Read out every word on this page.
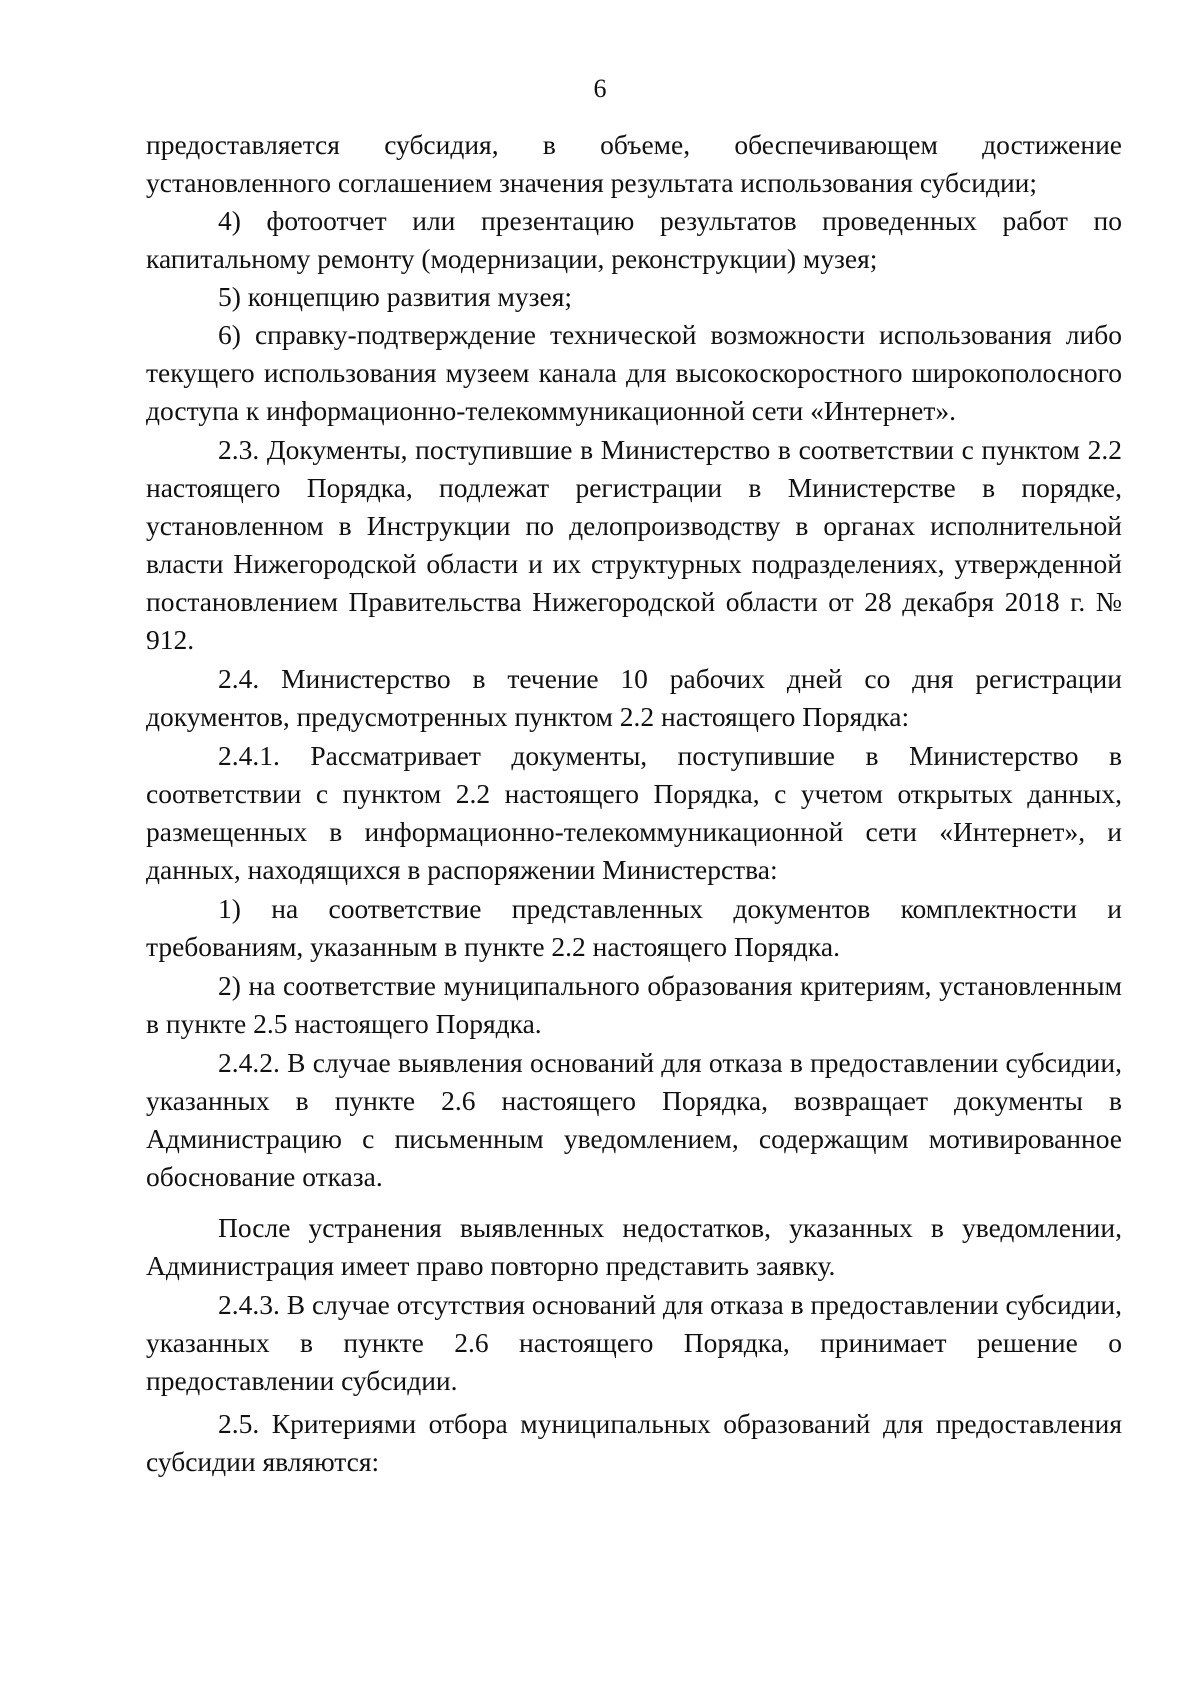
6

предоставляется субсидия, в объеме, обеспечивающем достижение установленного соглашением значения результата использования субсидии;

4) фотоотчет или презентацию результатов проведенных работ по капитальному ремонту (модернизации, реконструкции) музея;

5) концепцию развития музея;

6) справку-подтверждение технической возможности использования либо текущего использования музеем канала для высокоскоростного широкополосного доступа к информационно-телекоммуникационной сети «Интернет».

2.3. Документы, поступившие в Министерство в соответствии с пунктом 2.2 настоящего Порядка, подлежат регистрации в Министерстве в порядке, установленном в Инструкции по делопроизводству в органах исполнительной власти Нижегородской области и их структурных подразделениях, утвержденной постановлением Правительства Нижегородской области от 28 декабря 2018 г. № 912.

2.4. Министерство в течение 10 рабочих дней со дня регистрации документов, предусмотренных пунктом 2.2 настоящего Порядка:

2.4.1. Рассматривает документы, поступившие в Министерство в соответствии с пунктом 2.2 настоящего Порядка, с учетом открытых данных, размещенных в информационно-телекоммуникационной сети «Интернет», и данных, находящихся в распоряжении Министерства:

1) на соответствие представленных документов комплектности и требованиям, указанным в пункте 2.2 настоящего Порядка.

2) на соответствие муниципального образования критериям, установленным в пункте 2.5 настоящего Порядка.

2.4.2. В случае выявления оснований для отказа в предоставлении субсидии, указанных в пункте 2.6 настоящего Порядка, возвращает документы в Администрацию с письменным уведомлением, содержащим мотивированное обоснование отказа.

После устранения выявленных недостатков, указанных в уведомлении, Администрация имеет право повторно представить заявку.

2.4.3. В случае отсутствия оснований для отказа в предоставлении субсидии, указанных в пункте 2.6 настоящего Порядка, принимает решение о предоставлении субсидии.

2.5. Критериями отбора муниципальных образований для предоставления субсидии являются:
